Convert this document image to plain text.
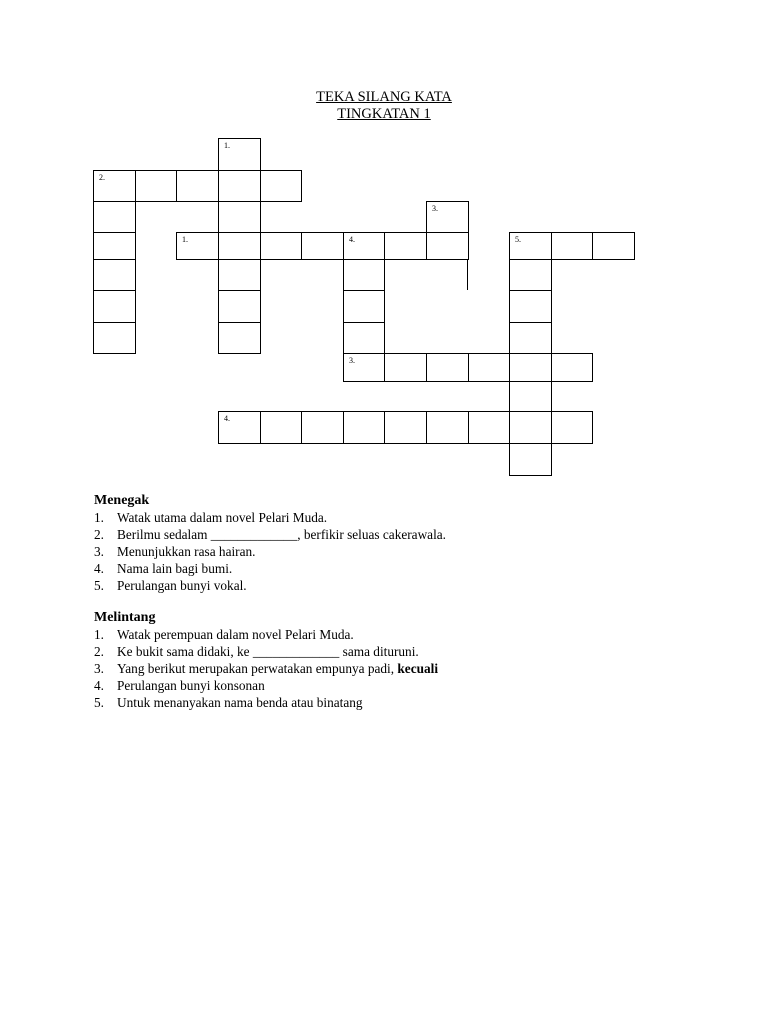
TEKA SILANG KATA
TINGKATAN 1
1.
2.
3.
1.	4.	5.
3.
4.
Menegak
1. Watak utama dalam novel Pelari Muda.
2. Berilmu sedalam _____________, berfikir seluas cakerawala.
3. Menunjukkan rasa hairan.
4. Nama lain bagi bumi.
5. Perulangan bunyi vokal.
Melintang
1. Watak perempuan dalam novel Pelari Muda.
2. Ke bukit sama didaki, ke _____________ sama dituruni.
3. Yang berikut merupakan perwatakan empunya padi, kecuali
4. Perulangan bunyi konsonan
5. Untuk menanyakan nama benda atau binatang
